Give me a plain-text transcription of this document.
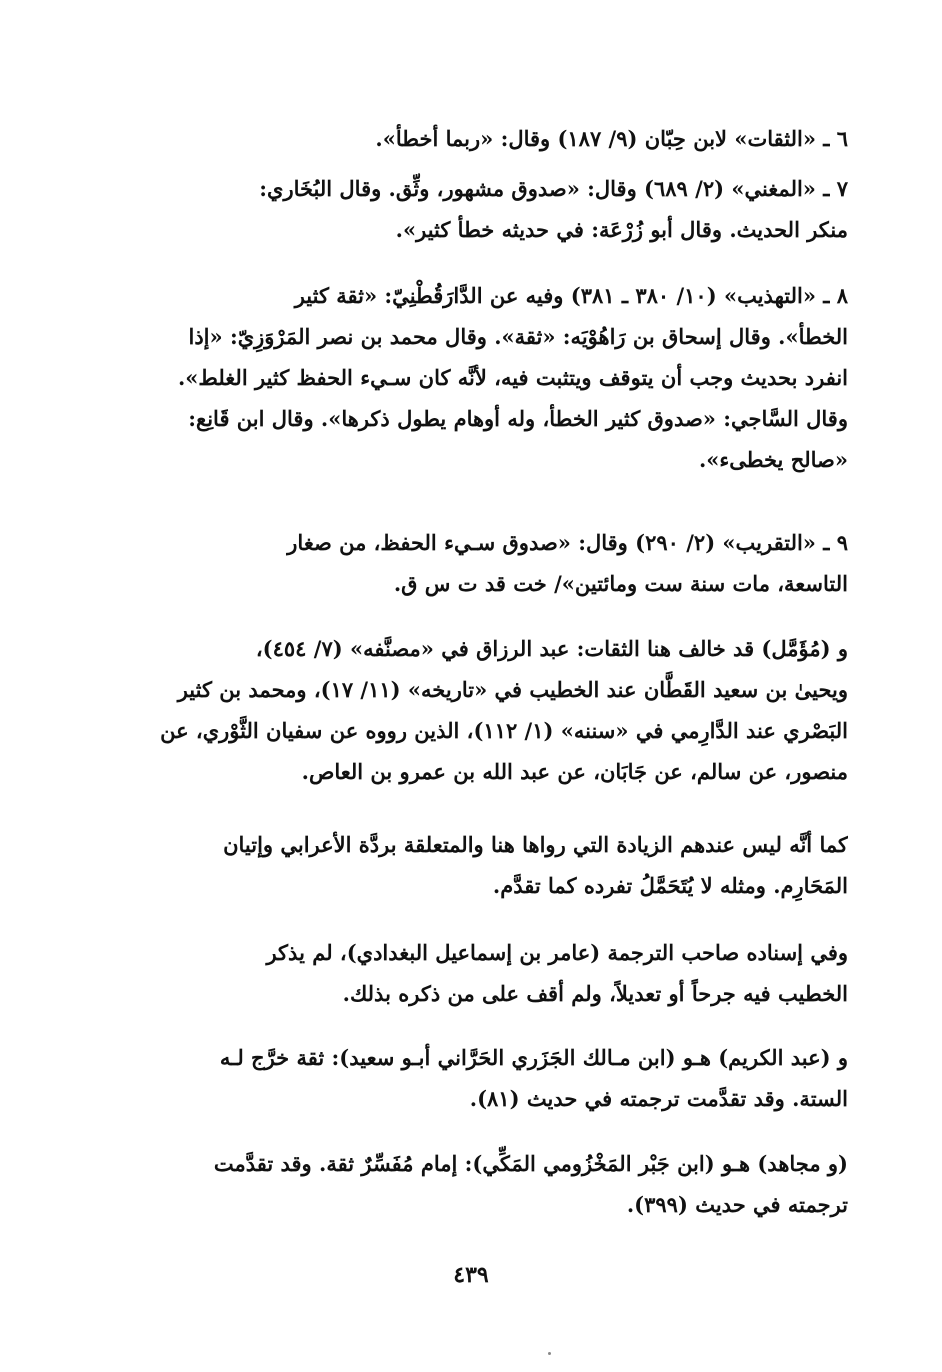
٦ ـ «الثقات» لابن حِبّان (٩/ ١٨٧) وقال: «ربما أخطأ».
٧ ـ «المغني» (٢/ ٦٨٩) وقال: «صدوق مشهور، وثِّق. وقال البُخَاري:
منكر الحديث. وقال أبو زُرْعَة: في حديثه خطأ كثير».
٨ ـ «التهذيب» (١٠/ ٣٨٠ ـ ٣٨١) وفيه عن الدَّارَقُطْنِيّ: «ثقة كثير
الخطأ». وقال إسحاق بن رَاهُوْيَه: «ثقة». وقال محمد بن نصر المَرْوَزِيّ: «إذا
انفرد بحديث وجب أن يتوقف ويتثبت فيه، لأنَّه كان سـيء الحفظ كثير الغلط».
وقال السَّاجي: «صدوق كثير الخطأ، وله أوهام يطول ذكرها». وقال ابن قَانِع:
«صالح يخطىء».
٩ ـ «التقريب» (٢/ ٢٩٠) وقال: «صدوق سـيء الحفظ، من صغار
التاسعة، مات سنة ست ومائتين»/ خت قد ت س ق.
و (مُؤَمَّل) قد خالف هنا الثقات: عبد الرزاق في «مصنَّفه» (٧/ ٤٥٤)،
ويحيىٰ بن سعيد القَطَّان عند الخطيب في «تاريخه» (١١/ ١٧)، ومحمد بن كثير
البَصْري عند الدَّارِمي في «سننه» (١/ ١١٢)، الذين رووه عن سفيان الثَّوْري، عن
منصور، عن سالم، عن جَابَان، عن عبد الله بن عمرو بن العاص.
كما أنَّه ليس عندهم الزيادة التي رواها هنا والمتعلقة بردَّة الأعرابي وإتيان
المَحَارِم. ومثله لا يُتَحَمَّلُ تفرده كما تقدَّم.
وفي إسناده صاحب الترجمة (عامر بن إسماعيل البغدادي)، لم يذكر
الخطيب فيه جرحاً أو تعديلاً، ولم أقف على من ذكره بذلك.
و (عبد الكريم) هـو (ابن مـالك الجَزَري الحَرَّاني أبـو سعيد): ثقة خرَّج لـه
الستة. وقد تقدَّمت ترجمته في حديث (٨١).
(و مجاهد) هـو (ابن جَبْر المَخْزُومي المَكِّي): إمام مُفَسِّرٌ ثقة. وقد تقدَّمت
ترجمته في حديث (٣٩٩).
٤٣٩
